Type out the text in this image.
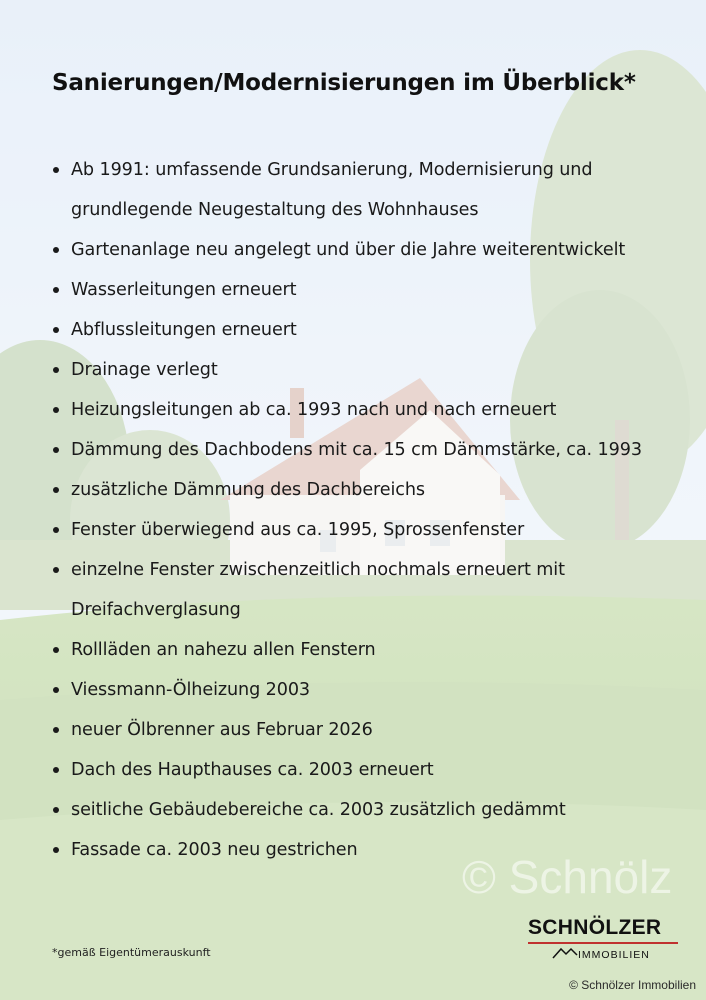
© Schnölz
Sanierungen/Modernisierungen im Überblick*
Ab 1991: umfassende Grundsanierung, Modernisierung und grundlegende Neugestaltung des Wohnhauses
Gartenanlage neu angelegt und über die Jahre weiterentwickelt
Wasserleitungen erneuert
Abflussleitungen erneuert
Drainage verlegt
Heizungsleitungen ab ca. 1993 nach und nach erneuert
Dämmung des Dachbodens mit ca. 15 cm Dämmstärke, ca. 1993
zusätzliche Dämmung des Dachbereichs
Fenster überwiegend aus ca. 1995, Sprossenfenster
einzelne Fenster zwischenzeitlich nochmals erneuert mit Dreifachverglasung
Rollläden an nahezu allen Fenstern
Viessmann-Ölheizung 2003
neuer Ölbrenner aus Februar 2026
Dach des Haupthauses ca. 2003 erneuert
seitliche Gebäudebereiche ca. 2003 zusätzlich gedämmt
Fassade ca. 2003 neu gestrichen
*gemäß Eigentümerauskunft
SCHNÖLZER
IMMOBILIEN
© Schnölzer Immobilien
